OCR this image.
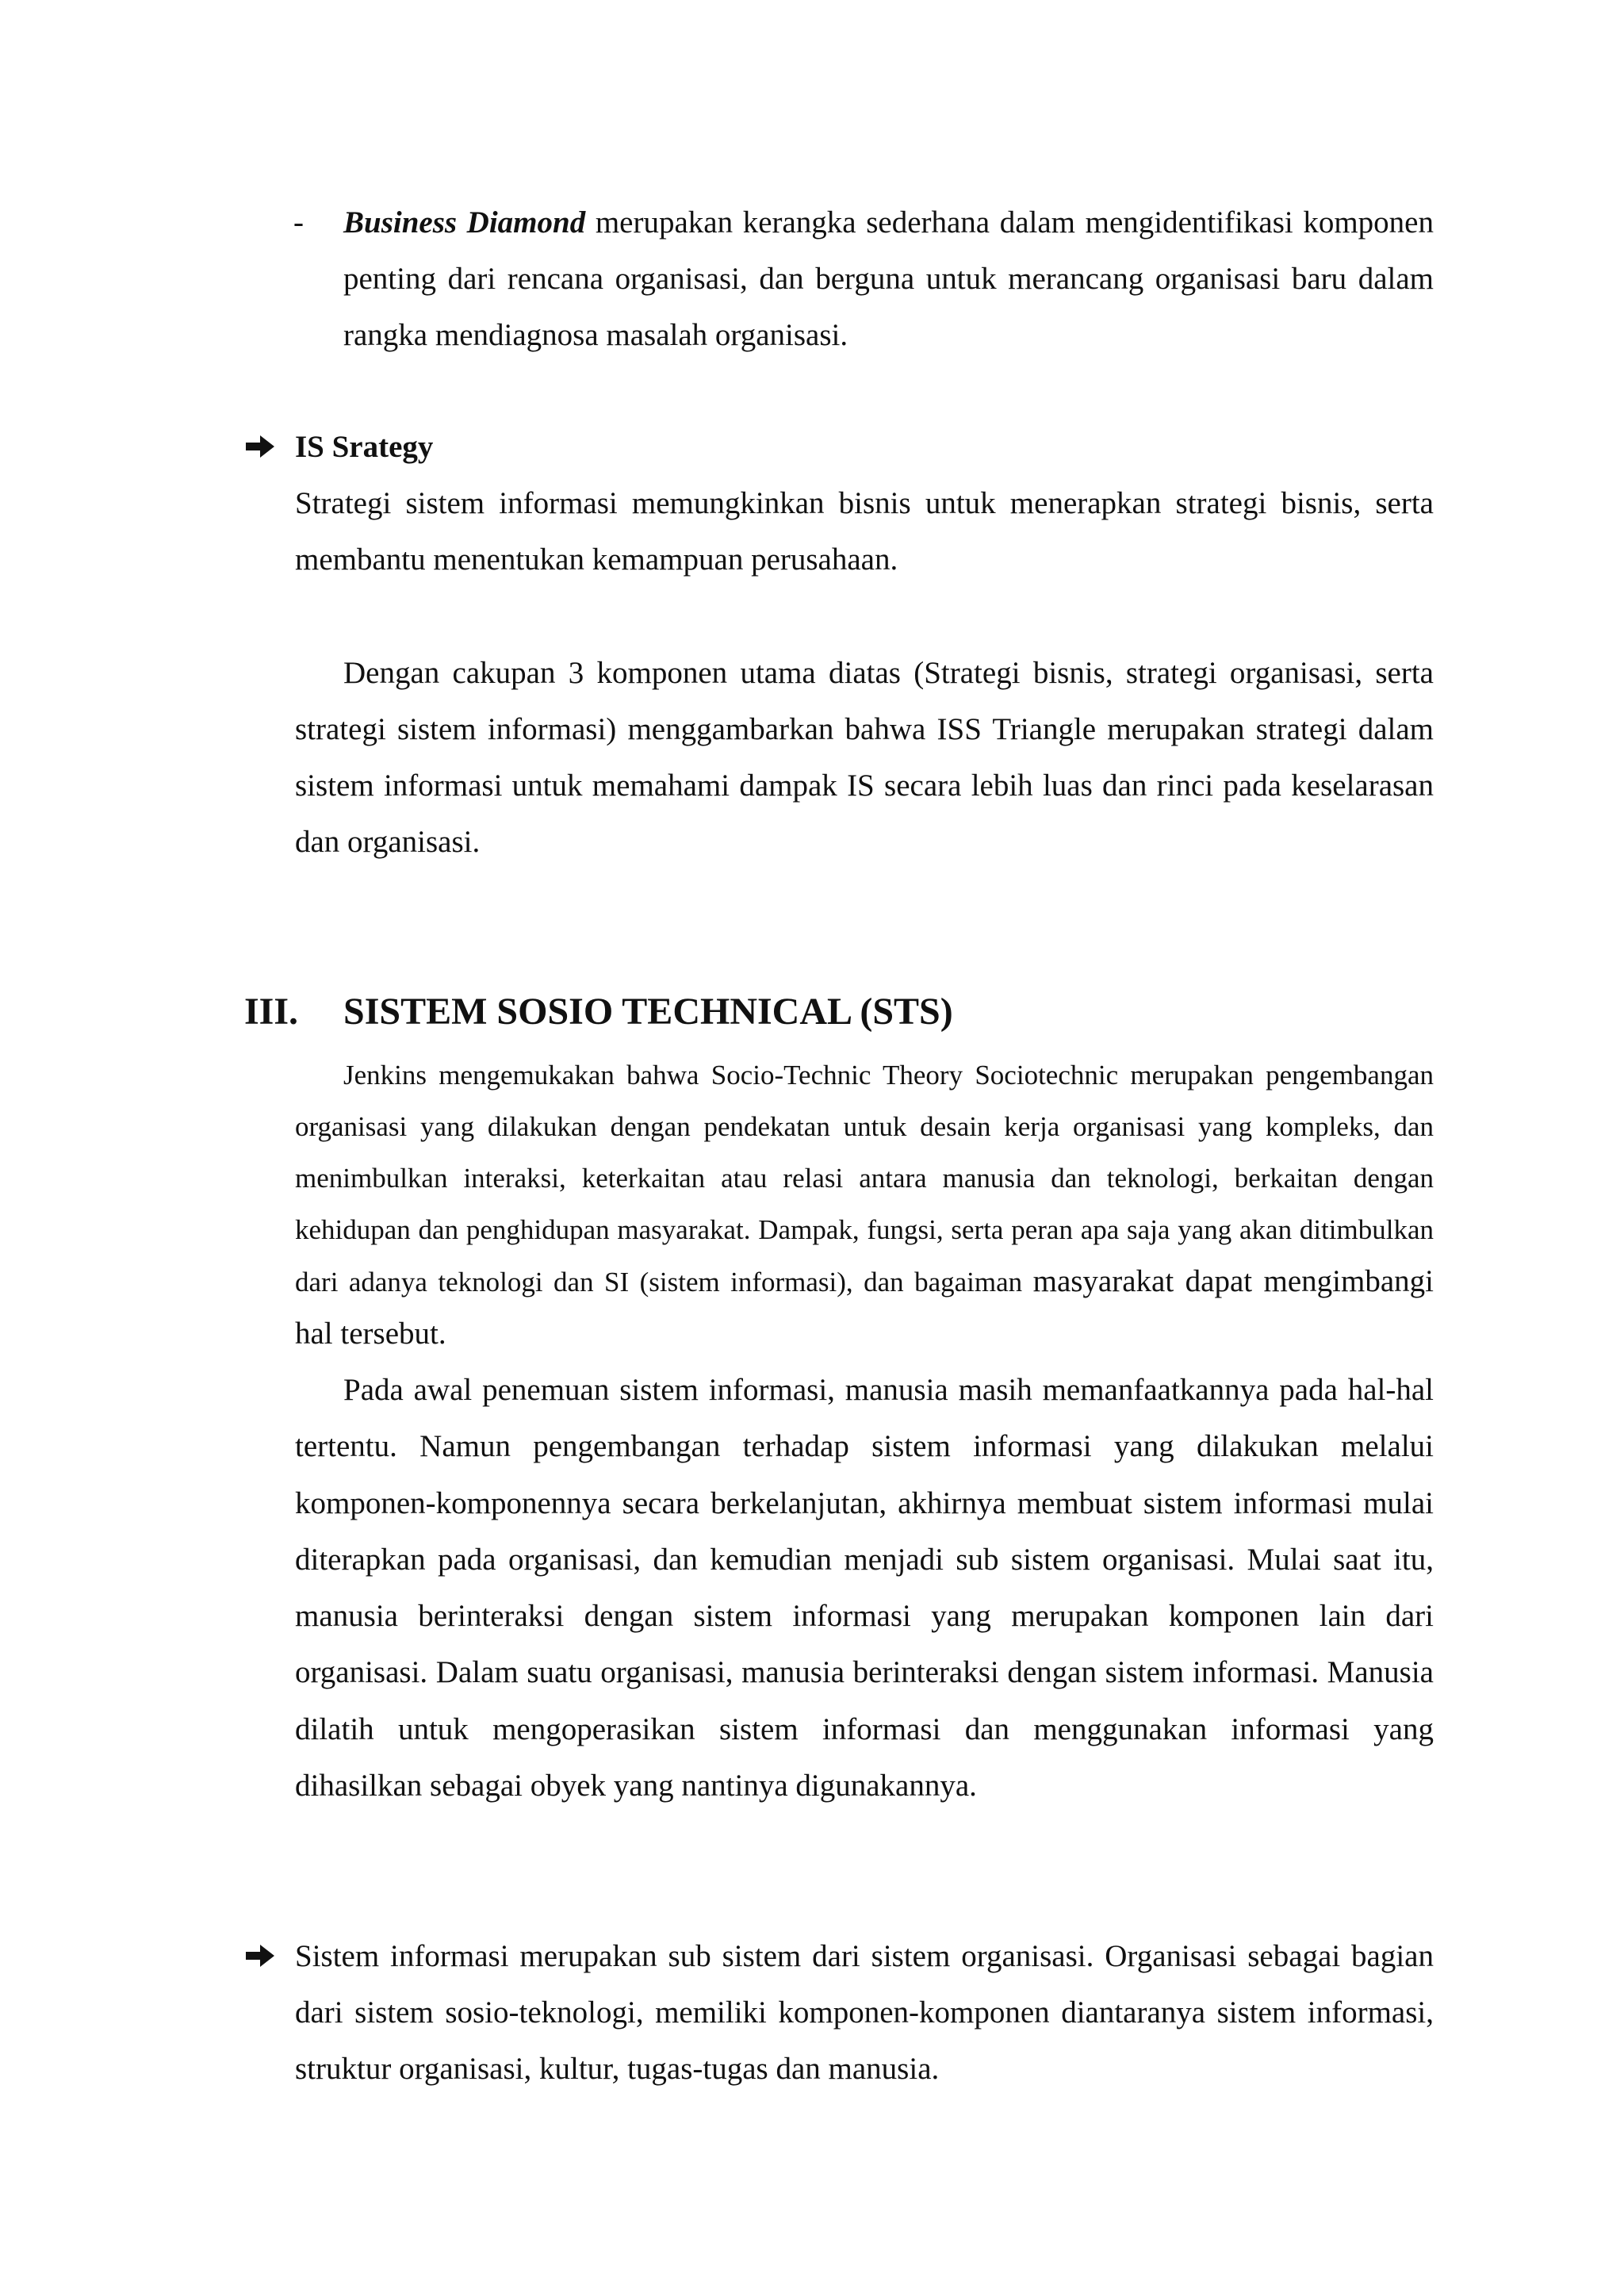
- Business Diamond merupakan kerangka sederhana dalam mengidentifikasi komponen penting dari rencana organisasi, dan berguna untuk merancang organisasi baru dalam rangka mendiagnosa masalah organisasi.
IS Srategy
Strategi sistem informasi memungkinkan bisnis untuk menerapkan strategi bisnis, serta membantu menentukan kemampuan perusahaan.
Dengan cakupan 3 komponen utama diatas (Strategi bisnis, strategi organisasi, serta strategi sistem informasi) menggambarkan bahwa ISS Triangle merupakan strategi dalam sistem informasi untuk memahami dampak IS secara lebih luas dan rinci pada keselarasan dan organisasi.
III. SISTEM SOSIO TECHNICAL (STS)
Jenkins mengemukakan bahwa Socio-Technic Theory Sociotechnic merupakan pengembangan organisasi yang dilakukan dengan pendekatan untuk desain kerja organisasi yang kompleks, dan menimbulkan interaksi, keterkaitan atau relasi antara manusia dan teknologi, berkaitan dengan kehidupan dan penghidupan masyarakat. Dampak, fungsi, serta peran apa saja yang akan ditimbulkan dari adanya teknologi dan SI (sistem informasi), dan bagaiman masyarakat dapat mengimbangi hal tersebut.
Pada awal penemuan sistem informasi, manusia masih memanfaatkannya pada hal-hal tertentu. Namun pengembangan terhadap sistem informasi yang dilakukan melalui komponen-komponennya secara berkelanjutan, akhirnya membuat sistem informasi mulai diterapkan pada organisasi, dan kemudian menjadi sub sistem organisasi. Mulai saat itu, manusia berinteraksi dengan sistem informasi yang merupakan komponen lain dari organisasi. Dalam suatu organisasi, manusia berinteraksi dengan sistem informasi. Manusia dilatih untuk mengoperasikan sistem informasi dan menggunakan informasi yang dihasilkan sebagai obyek yang nantinya digunakannya.
Sistem informasi merupakan sub sistem dari sistem organisasi. Organisasi sebagai bagian dari sistem sosio-teknologi, memiliki komponen-komponen diantaranya sistem informasi, struktur organisasi, kultur, tugas-tugas dan manusia.
